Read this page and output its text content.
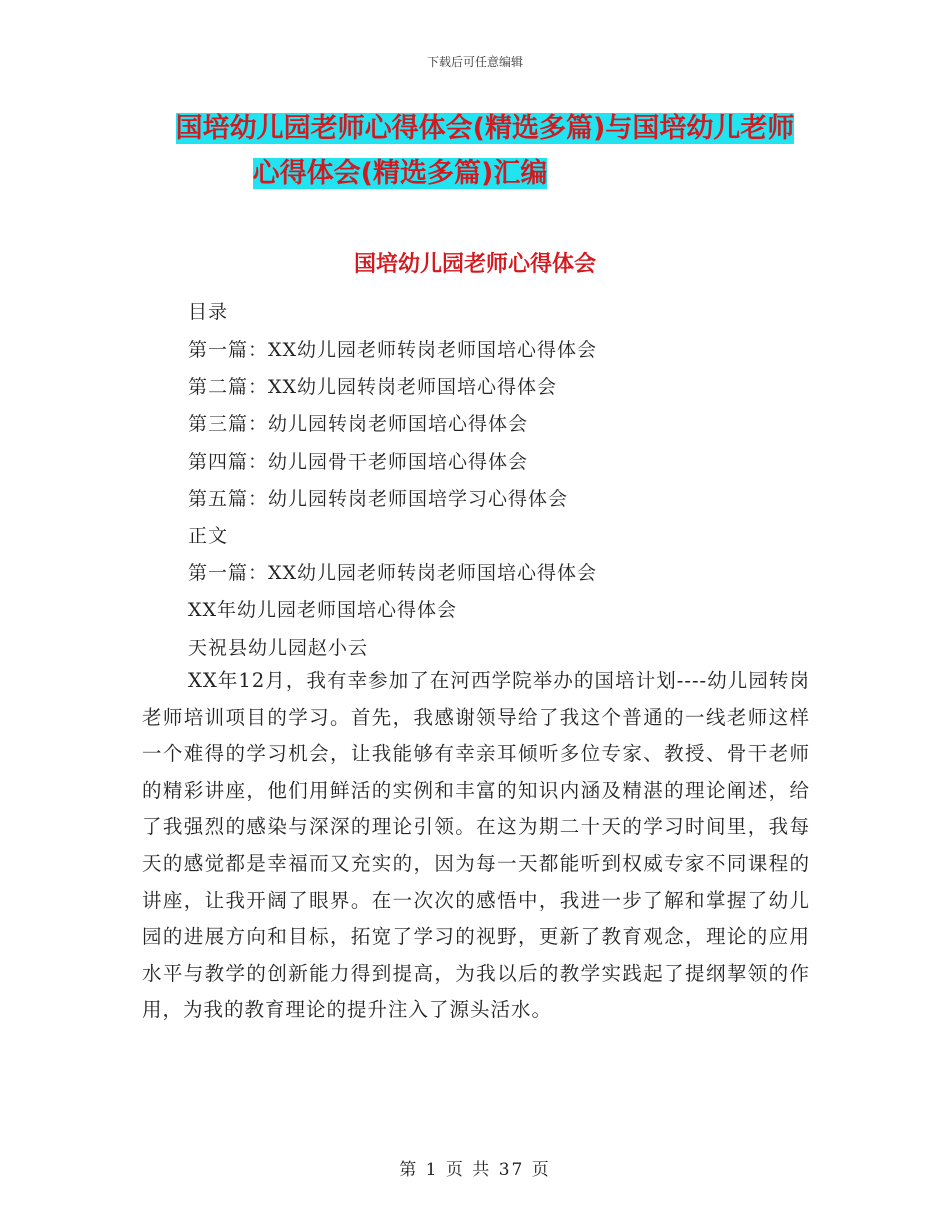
下载后可任意编辑
国培幼儿园老师心得体会(精选多篇)与国培幼儿老师
心得体会(精选多篇)汇编
国培幼儿园老师心得体会
目录
第一篇：XX幼儿园老师转岗老师国培心得体会
第二篇：XX幼儿园转岗老师国培心得体会
第三篇：幼儿园转岗老师国培心得体会
第四篇：幼儿园骨干老师国培心得体会
第五篇：幼儿园转岗老师国培学习心得体会
正文
第一篇：XX幼儿园老师转岗老师国培心得体会
XX年幼儿园老师国培心得体会
天祝县幼儿园赵小云
XX年12月，我有幸参加了在河西学院举办的国培计划----幼儿园转岗老师培训项目的学习。首先，我感谢领导给了我这个普通的一线老师这样一个难得的学习机会，让我能够有幸亲耳倾听多位专家、教授、骨干老师的精彩讲座，他们用鲜活的实例和丰富的知识内涵及精湛的理论阐述，给了我强烈的感染与深深的理论引领。在这为期二十天的学习时间里，我每天的感觉都是幸福而又充实的，因为每一天都能听到权威专家不同课程的讲座，让我开阔了眼界。在一次次的感悟中，我进一步了解和掌握了幼儿园的进展方向和目标，拓宽了学习的视野，更新了教育观念，理论的应用水平与教学的创新能力得到提高，为我以后的教学实践起了提纲挈领的作用，为我的教育理论的提升注入了源头活水。
第 1 页 共 37 页
